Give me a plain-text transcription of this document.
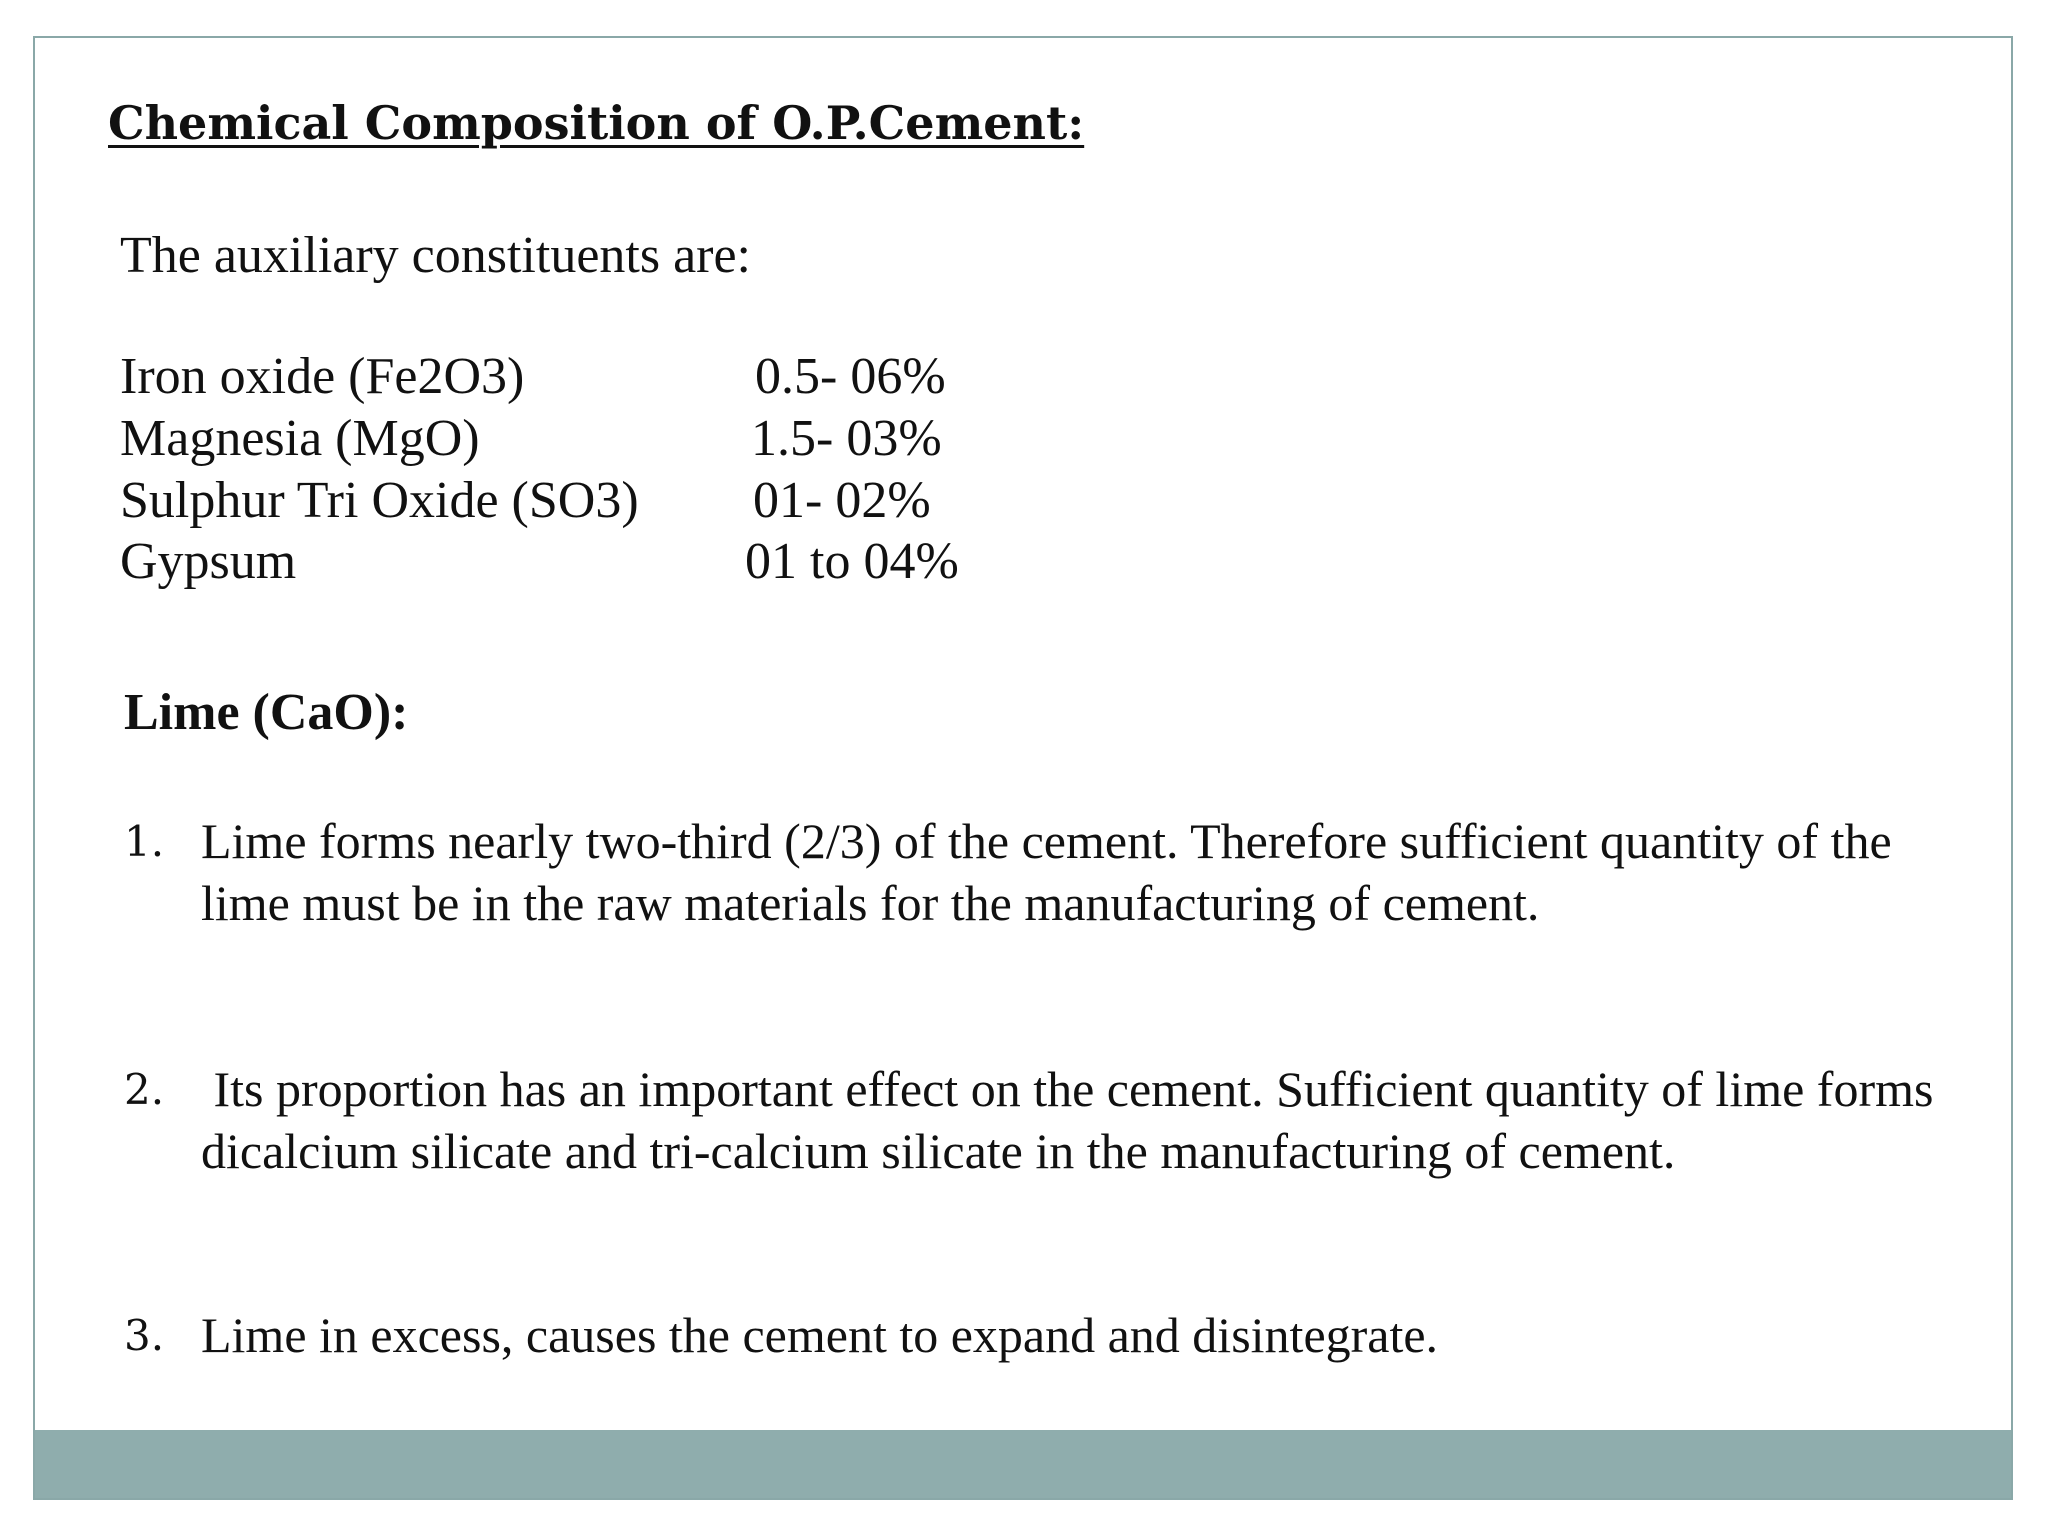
Chemical Composition of O.P.Cement:
The auxiliary constituents are:
Iron oxide (Fe2O3)	0.5- 06%
Magnesia (MgO)	1.5- 03%
Sulphur Tri Oxide (SO3) 01- 02%
Gypsum	01 to 04%
Lime (CaO):
1. Lime forms nearly two-third (2/3) of the cement. Therefore sufficient quantity of the lime must be in the raw materials for the manufacturing of cement.
2. Its proportion has an important effect on the cement. Sufficient quantity of lime forms dicalcium silicate and tri-calcium silicate in the manufacturing of cement.
3. Lime in excess, causes the cement to expand and disintegrate.
